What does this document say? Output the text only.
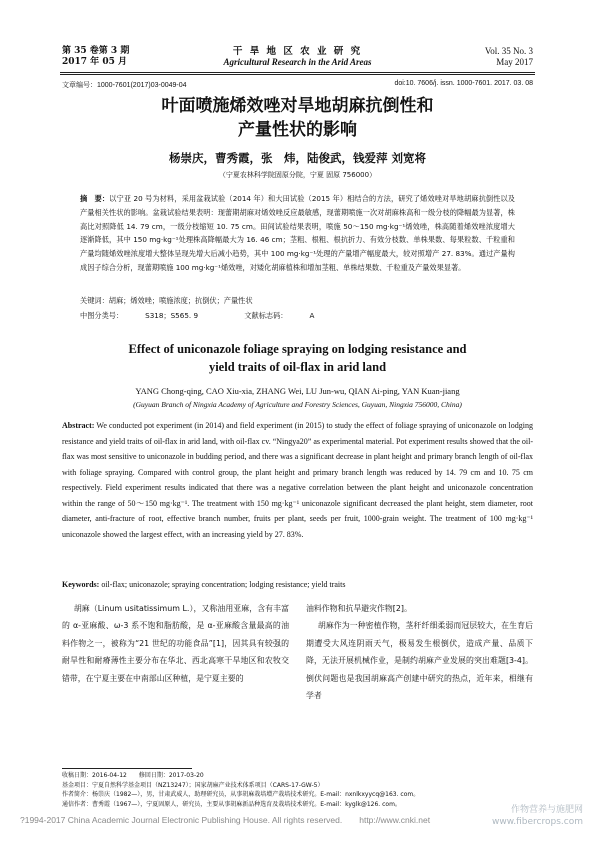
第 35 卷第 3 期
2017 年 05 月
干 旱 地 区 农 业 研 究
Agricultural Research in the Arid Areas
Vol. 35 No. 3
May 2017
文章编号：1000-7601(2017)03-0049-04	doi:10. 7606/j. issn. 1000-7601. 2017. 03. 08
叶面喷施烯效唑对旱地胡麻抗倒性和
产量性状的影响
杨崇庆，曹秀霞，张　炜，陆俊武，钱爱萍 刘宽将
（宁夏农林科学院固原分院，宁夏 固原 756000）
摘　要：以宁亚 20 号为材料，采用盆栽试验（2014 年）和大田试验（2015 年）相结合的方法，研究了烯效唑对旱地胡麻抗倒性以及产量相关性状的影响。盆栽试验结果表明：现蕾期胡麻对烯效唑反应最敏感，现蕾期喷施一次对胡麻株高和一级分枝的降幅最为显著，株高比对照降低 14. 79 cm，一级分枝缩短 10. 75 cm。田间试验结果表明，喷施 50～150 mg·kg⁻¹烯效唑，株高随着烯效唑浓度增大逐渐降低，其中 150 mg·kg⁻¹处理株高降幅最大为 16. 46 cm；茎粗、根粗、根抗折力、有效分枝数、单株果数、每果粒数、千粒重和产量均随烯效唑浓度增大整体呈现先增大后减小趋势，其中 100 mg·kg⁻¹处理的产量增产幅度最大，较对照增产 27. 83%。通过产量构成因子综合分析，现蕾期喷施 100 mg·kg⁻¹烯效唑，对矮化胡麻植株和增加茎粗、单株结果数、千粒重及产量效果显著。
关键词：胡麻；烯效唑；喷施浓度；抗倒伏；产量性状
中图分类号：	S318；S565. 9	文献标志码：	A
Effect of uniconazole foliage spraying on lodging resistance and
yield traits of oil-flax in arid land
YANG Chong-qing, CAO Xiu-xia, ZHANG Wei, LU Jun-wu, QIAN Ai-ping, YAN Kuan-jiang
(Guyuan Branch of Ningxia Academy of Agriculture and Forestry Sciences, Guyuan, Ningxia 756000, China)
Abstract: We conducted pot experiment (in 2014) and field experiment (in 2015) to study the effect of foliage spraying of uniconazole on lodging resistance and yield traits of oil-flax in arid land, with oil-flax cv. “Ningya20” as experimental material. Pot experiment results showed that the oil-flax was most sensitive to uniconazole in budding period, and there was a significant decrease in plant height and primary branch length of oil-flax with foliage spraying. Compared with control group, the plant height and primary branch length was reduced by 14. 79 cm and 10. 75 cm respectively. Field experiment results indicated that there was a negative correlation between the plant height and uniconazole concentration within the range of 50～150 mg·kg⁻¹. The treatment with 150 mg·kg⁻¹ uniconazole significant decreased the plant height, stem diameter, root diameter, anti-fracture of root, effective branch number, fruits per plant, seeds per fruit, 1000-grain weight. The treatment of 100 mg·kg⁻¹ uniconazole showed the largest effect, with an increasing yield by 27. 83%.
Keywords: oil-flax; uniconazole; spraying concentration; lodging resistance; yield traits

胡麻（Linum usitatissimum L.），又称油用亚麻，含有丰富的 α-亚麻酸、ω-3 系不饱和脂肪酸，是 α-亚麻酸含量最高的油料作物之一，被称为“21 世纪的功能食品”[1]，因其具有较强的耐旱性和耐瘠薄性主要分布在华北、西北高寒干旱地区和农牧交错带，在宁夏主要在中南部山区种植，是宁夏主要的

油料作物和抗旱避灾作物[2]。

胡麻作为一种密植作物，茎秆纤细柔弱而冠层较大，在生育后期遭受大风连阴雨天气，极易发生根倒伏，造成产量、品质下降，无法开展机械作业，是制约胡麻产业发展的突出难题[3-4]。倒伏问题也是我国胡麻高产创建中研究的热点，近年来，相继有学者

收稿日期：2016-04-12　　修回日期：2017-03-20
基金项目：宁夏自然科学基金项目（NZ13247）；国家胡麻产业技术体系项目（CARS-17-GW-5）
作者简介：杨崇庆（1982—），男，甘肃武威人，助理研究员，从事胡麻栽培增产栽培技术研究。E-mail：nxnlkxyycq@163. com。
通信作者：曹秀霞（1967—），宁夏固原人，研究员，主要从事胡麻新品种选育及栽培技术研究。E-mail：kyglk@126. com。
?1994-2017 China Academic Journal Electronic Publishing House. All rights reserved.　　http://www.cnki.net
作物营养与施肥网 www.fibercrops.com
